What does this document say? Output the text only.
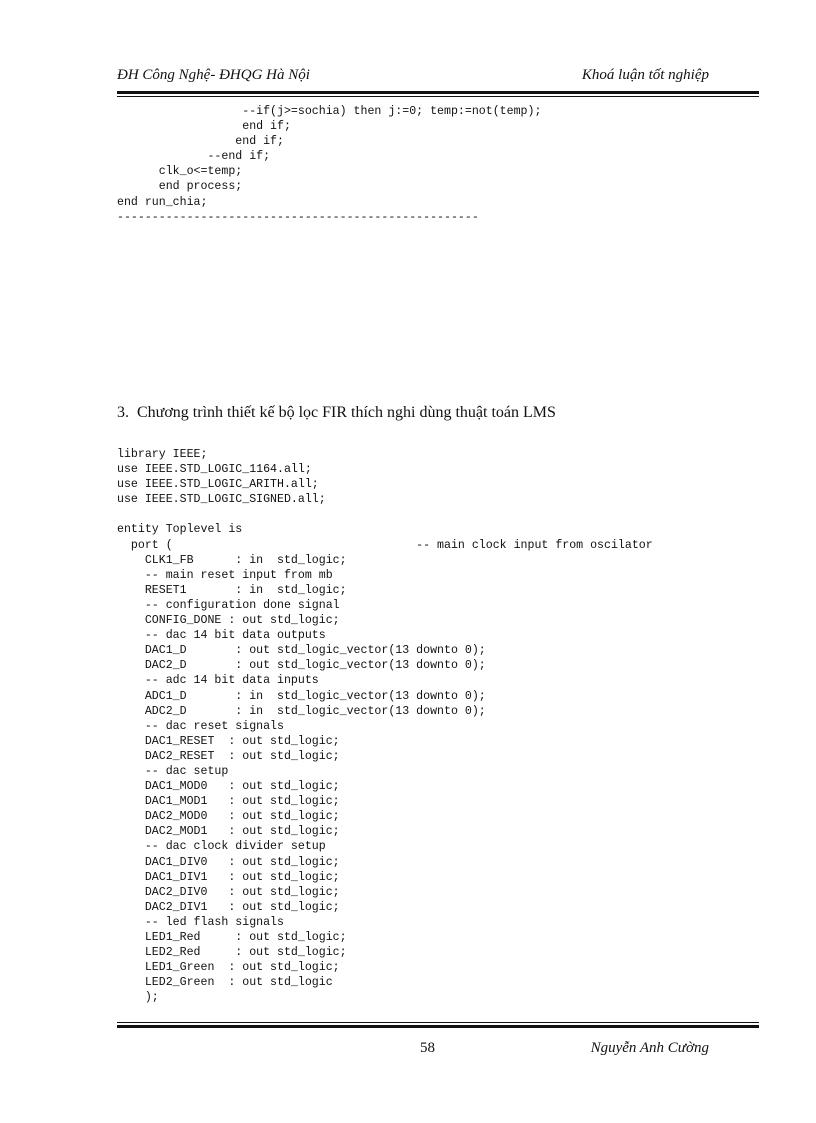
ĐH Công Nghệ- ĐHQG Hà Nội	Khoá luận tốt nghiệp
--if(j>=sochia) then j:=0; temp:=not(temp);
end if;
end if;
--end if;
clk_o<=temp;
end process;
end run_chia;
----------------------------------------------------

3. Chương trình thiết kế bộ lọc FIR thích nghi dùng thuật toán LMS
library IEEE;
use IEEE.STD_LOGIC_1164.all;
use IEEE.STD_LOGIC_ARITH.all;
use IEEE.STD_LOGIC_SIGNED.all;

entity Toplevel is
port (                                   -- main clock input from oscilator
CLK1_FB      : in  std_logic;
-- main reset input from mb
RESET1       : in  std_logic;
-- configuration done signal
CONFIG_DONE : out std_logic;
-- dac 14 bit data outputs
DAC1_D       : out std_logic_vector(13 downto 0);
DAC2_D       : out std_logic_vector(13 downto 0);
-- adc 14 bit data inputs
ADC1_D       : in  std_logic_vector(13 downto 0);
ADC2_D       : in  std_logic_vector(13 downto 0);
-- dac reset signals
DAC1_RESET  : out std_logic;
DAC2_RESET  : out std_logic;
-- dac setup
DAC1_MOD0   : out std_logic;
DAC1_MOD1   : out std_logic;
DAC2_MOD0   : out std_logic;
DAC2_MOD1   : out std_logic;
-- dac clock divider setup
DAC1_DIV0   : out std_logic;
DAC1_DIV1   : out std_logic;
DAC2_DIV0   : out std_logic;
DAC2_DIV1   : out std_logic;
-- led flash signals
LED1_Red     : out std_logic;
LED2_Red     : out std_logic;
LED1_Green  : out std_logic;
LED2_Green  : out std_logic
);

58	Nguyễn Anh Cường
